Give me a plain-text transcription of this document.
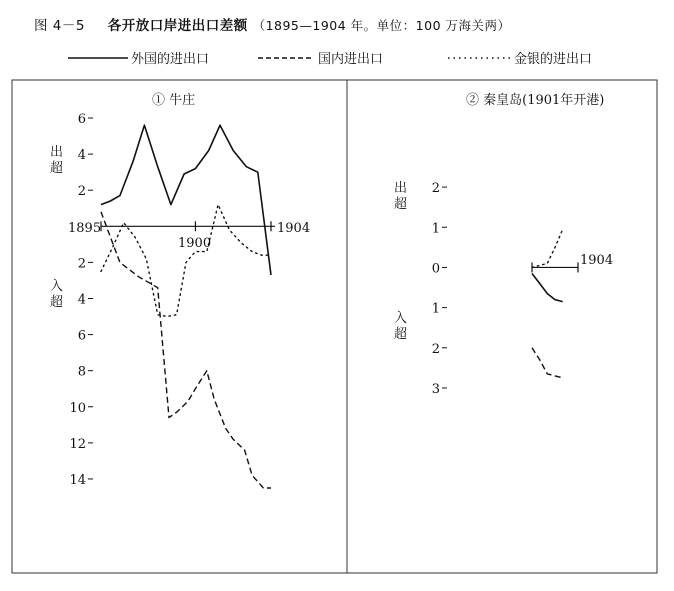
图 4－5 各开放口岸进出口差额 （1895—1904 年。单位：100 万海关两）
外国的进出口	国内进出口	金银的进出口
① 牛庄
出 超
入 超
1895
1900
1904
6
4
2
2
4
6
8
10
12
14
② 秦皇岛(1901年开港)
出 超
入 超
1904
2
1
0
1
2
3
